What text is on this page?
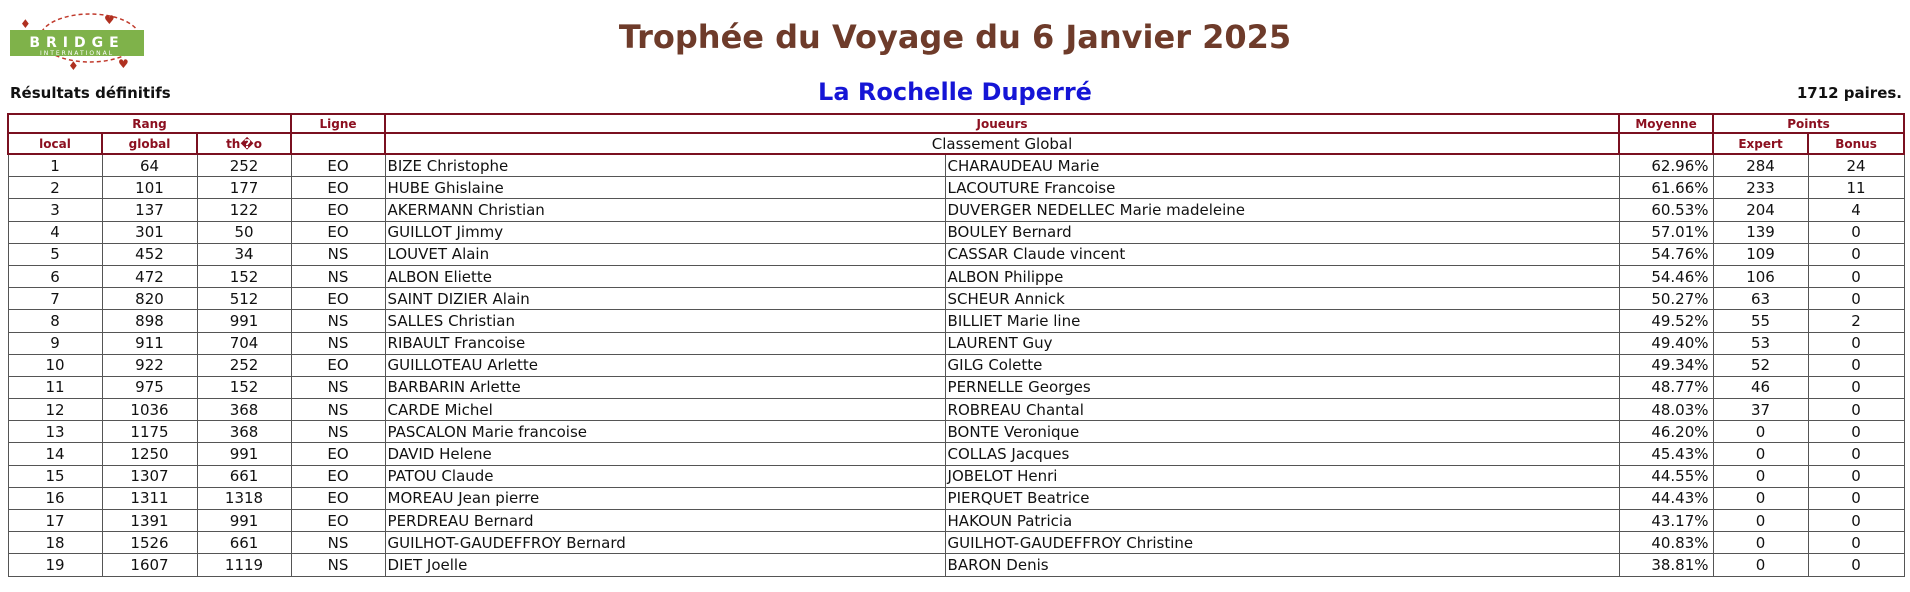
BRIDGE
INTERNATIONAL
♦	♥
♦	♥
Trophée du Voyage du 6 Janvier 2025
Résultats définitifs	La Rochelle Duperré	1712 paires.
Rang			Ligne	Joueurs		Moyenne	Points	
local	global	th�o		Classement Global			Expert	Bonus
1	64	252	EO	BIZE Christophe	CHARAUDEAU Marie	62.96%	284	24
2	101	177	EO	HUBE Ghislaine	LACOUTURE Francoise	61.66%	233	11
3	137	122	EO	AKERMANN Christian	DUVERGER NEDELLEC Marie madeleine	60.53%	204	4
4	301	50	EO	GUILLOT Jimmy	BOULEY Bernard	57.01%	139	0
5	452	34	NS	LOUVET Alain	CASSAR Claude vincent	54.76%	109	0
6	472	152	NS	ALBON Eliette	ALBON Philippe	54.46%	106	0
7	820	512	EO	SAINT DIZIER Alain	SCHEUR Annick	50.27%	63	0
8	898	991	NS	SALLES Christian	BILLIET Marie line	49.52%	55	2
9	911	704	NS	RIBAULT Francoise	LAURENT Guy	49.40%	53	0
10	922	252	EO	GUILLOTEAU Arlette	GILG Colette	49.34%	52	0
11	975	152	NS	BARBARIN Arlette	PERNELLE Georges	48.77%	46	0
12	1036	368	NS	CARDE Michel	ROBREAU Chantal	48.03%	37	0
13	1175	368	NS	PASCALON Marie francoise	BONTE Veronique	46.20%	0	0
14	1250	991	EO	DAVID Helene	COLLAS Jacques	45.43%	0	0
15	1307	661	EO	PATOU Claude	JOBELOT Henri	44.55%	0	0
16	1311	1318	EO	MOREAU Jean pierre	PIERQUET Beatrice	44.43%	0	0
17	1391	991	EO	PERDREAU Bernard	HAKOUN Patricia	43.17%	0	0
18	1526	661	NS	GUILHOT-GAUDEFFROY Bernard	GUILHOT-GAUDEFFROY Christine	40.83%	0	0
19	1607	1119	NS	DIET Joelle	BARON Denis	38.81%	0	0
